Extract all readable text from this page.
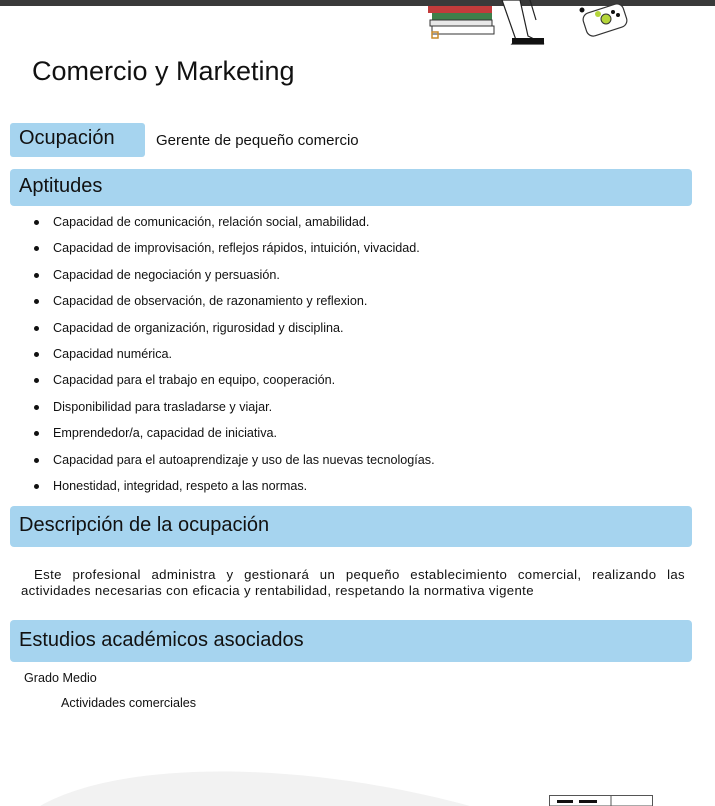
Comercio y Marketing
Ocupación	Gerente de pequeño comercio
Aptitudes
Capacidad de comunicación, relación social, amabilidad.
Capacidad de improvisación, reflejos rápidos, intuición, vivacidad.
Capacidad de negociación y persuasión.
Capacidad de observación, de razonamiento y reflexion.
Capacidad de organización, rigurosidad y disciplina.
Capacidad numérica.
Capacidad para el trabajo en equipo, cooperación.
Disponibilidad para trasladarse y viajar.
Emprendedor/a, capacidad de iniciativa.
Capacidad para el autoaprendizaje y uso de las nuevas tecnologías.
Honestidad, integridad, respeto a las normas.
Descripción de la ocupación

Este profesional administra y gestionará un pequeño establecimiento comercial, realizando las actividades necesarias con eficacia y rentabilidad, respetando la normativa vigente

Estudios académicos asociados
Grado Medio
Actividades comerciales
